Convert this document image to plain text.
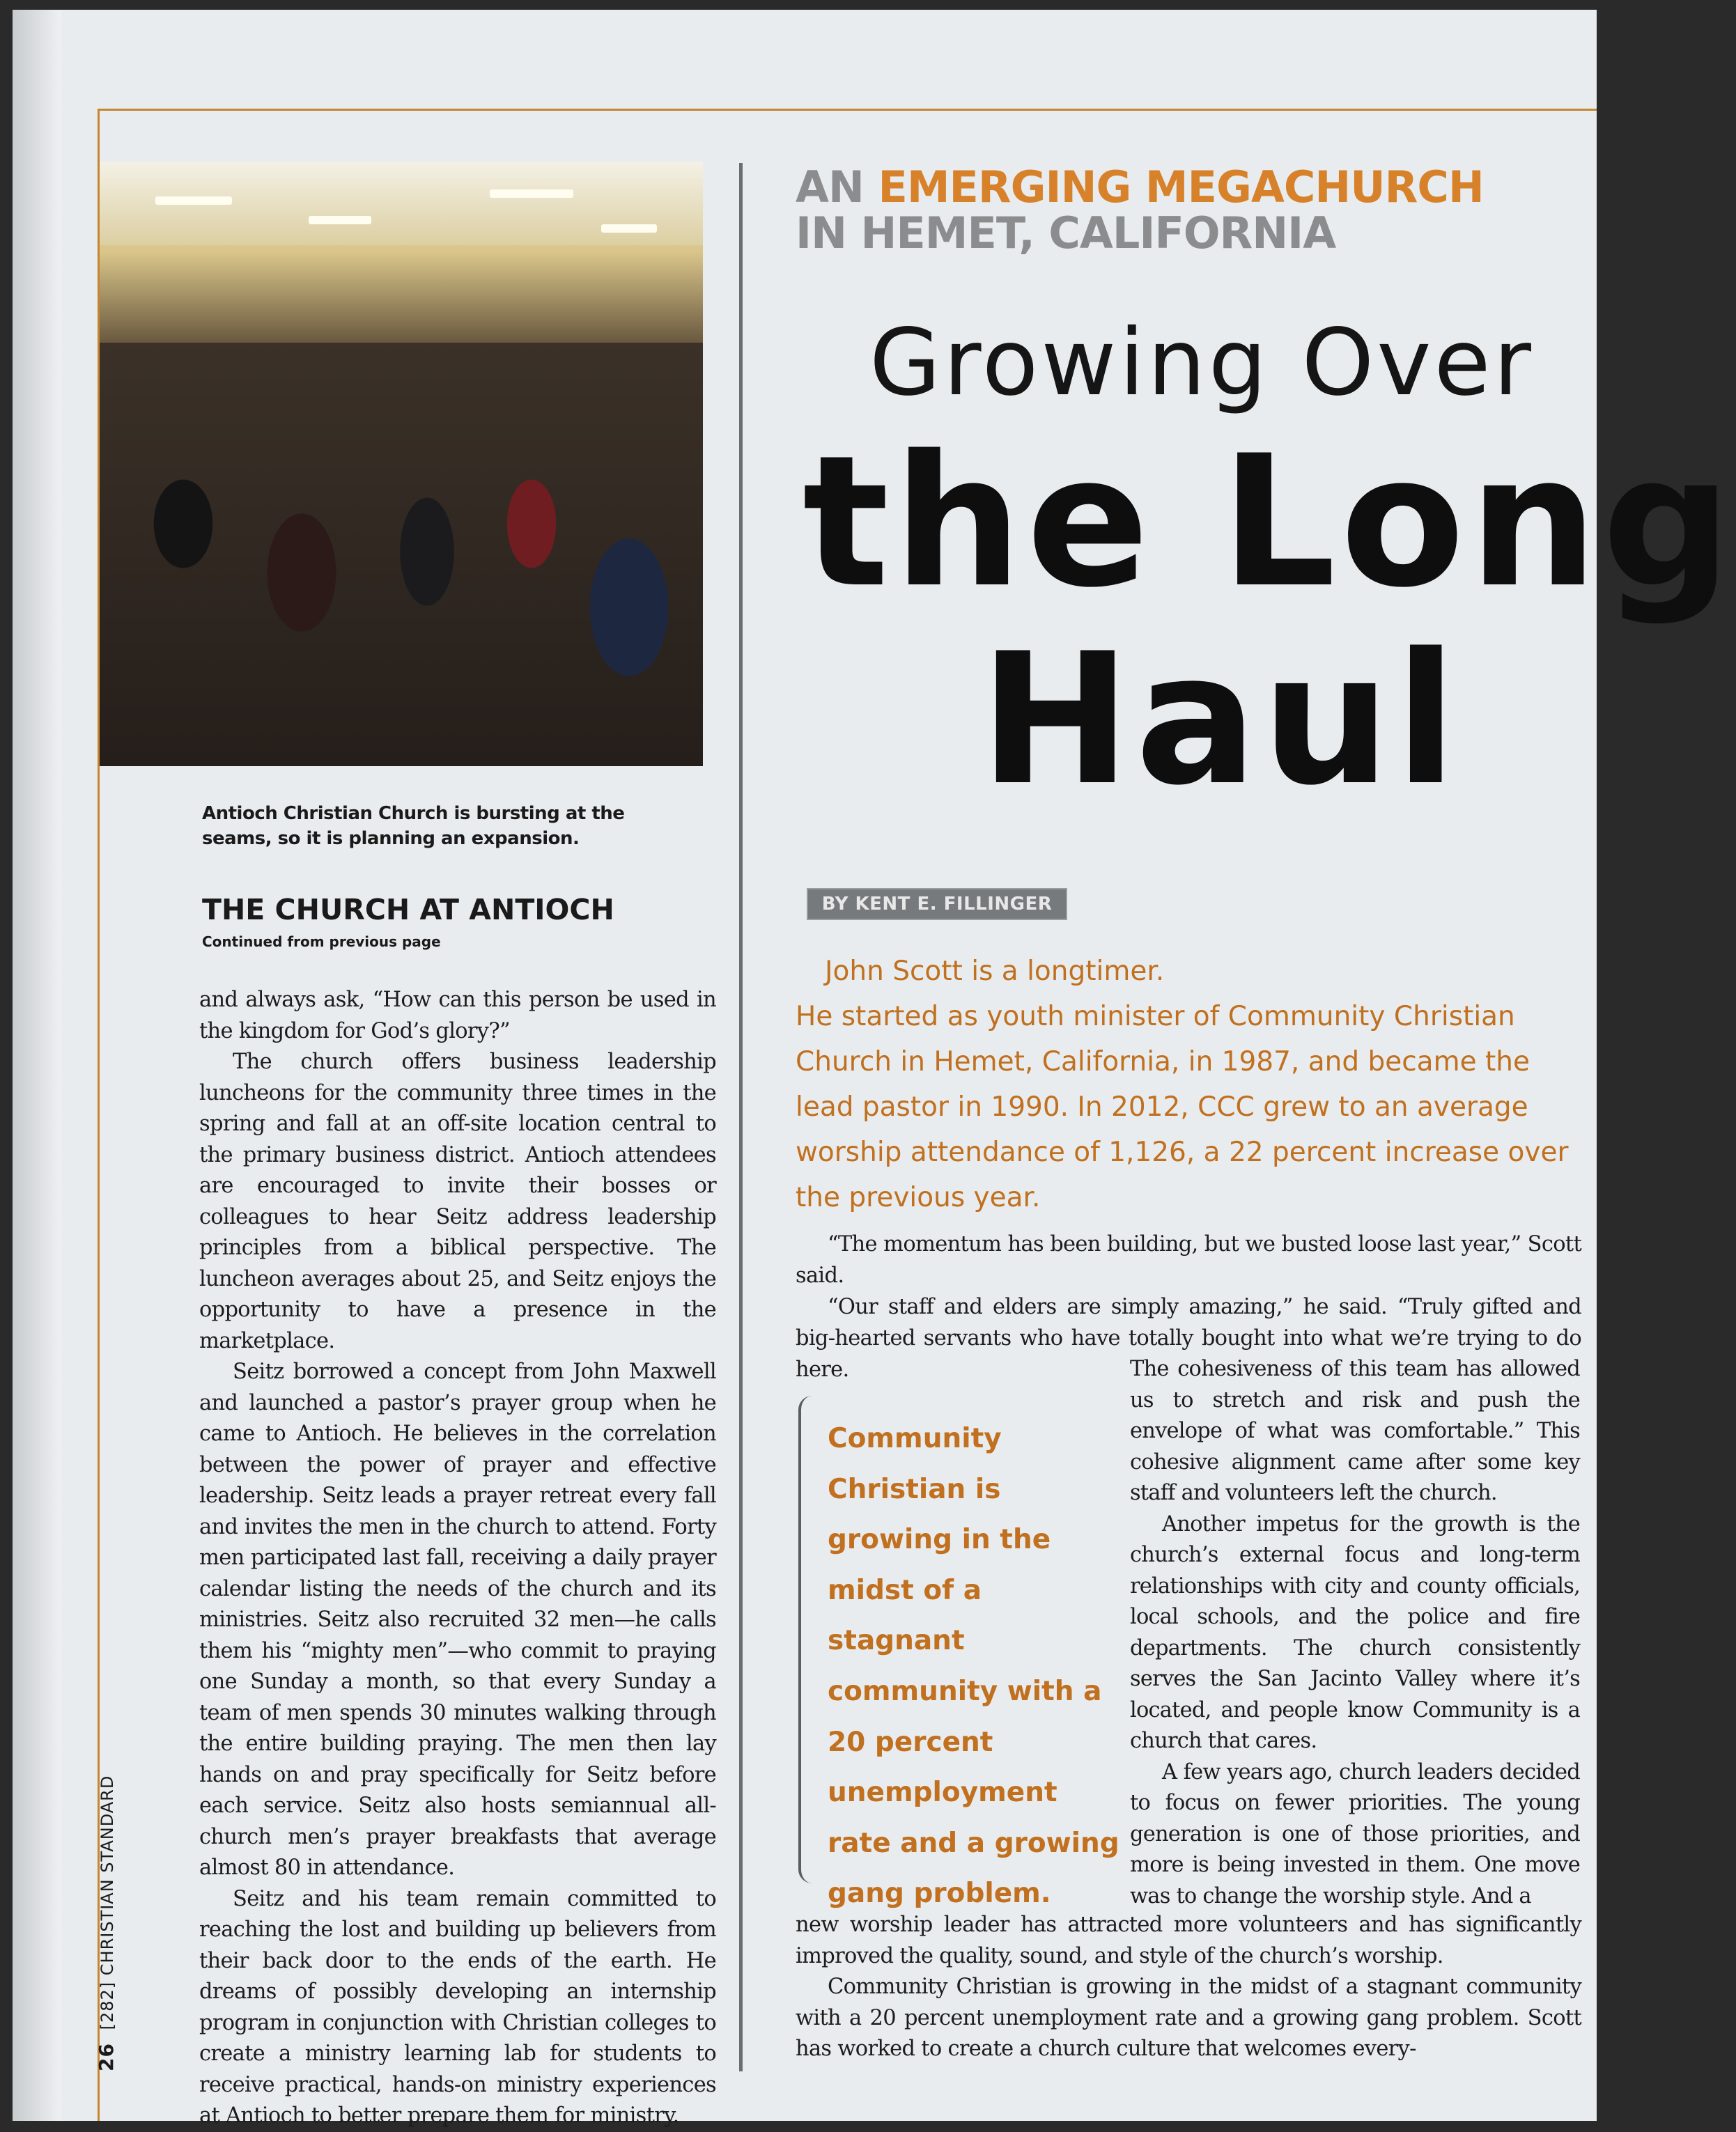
Antioch Christian Church is bursting at the seams, so it is planning an expansion.
THE CHURCH AT ANTIOCH
Continued from previous page

and always ask, “How can this person be used in the kingdom for God’s glory?”

The church offers business leadership luncheons for the community three times in the spring and fall at an off-site location central to the primary business district. Antioch attendees are encouraged to invite their bosses or colleagues to hear Seitz address leadership principles from a biblical perspective. The luncheon averages about 25, and Seitz enjoys the opportunity to have a presence in the marketplace.

Seitz borrowed a concept from John Maxwell and launched a pastor’s prayer group when he came to Antioch. He believes in the correlation between the power of prayer and effective leadership. Seitz leads a prayer retreat every fall and invites the men in the church to attend. Forty men participated last fall, receiving a daily prayer calendar listing the needs of the church and its ministries. Seitz also recruited 32 men—he calls them his “mighty men”—who commit to praying one Sunday a month, so that every Sunday a team of men spends 30 minutes walking through the entire building praying. The men then lay hands on and pray specifically for Seitz before each service. Seitz also hosts semiannual all-church men’s prayer breakfasts that average almost 80 in attendance.

Seitz and his team remain committed to reaching the lost and building up believers from their back door to the ends of the earth. He dreams of possibly developing an internship program in conjunction with Christian colleges to create a ministry learning lab for students to receive practical, hands-on ministry experiences at Antioch to better prepare them for ministry.

26 [282] CHRISTIAN STANDARD
AN EMERGING MEGACHURCH
IN HEMET, CALIFORNIA
Growing Over
the Long
Haul
BY KENT E. FILLINGER

John Scott is a longtimer.

He started as youth minister of Community Christian Church in Hemet, California, in 1987, and became the lead pastor in 1990. In 2012, CCC grew to an average worship attendance of 1,126, a 22 percent increase over the previous year.

“The momentum has been building, but we busted loose last year,” Scott said.

“Our staff and elders are simply amazing,” he said. “Truly gifted and big-hearted servants who have totally bought into what we’re trying to do here.

Community Christian is growing in the midst of a stagnant community with a 20 percent unemployment rate and a growing gang problem.

The cohesiveness of this team has allowed us to stretch and risk and push the envelope of what was comfortable.” This cohesive alignment came after some key staff and volunteers left the church.

Another impetus for the growth is the church’s external focus and long-term relationships with city and county officials, local schools, and the police and fire departments. The church consistently serves the San Jacinto Valley where it’s located, and people know Community is a church that cares.

A few years ago, church leaders decided to focus on fewer priorities. The young generation is one of those priorities, and more is being invested in them. One move was to change the worship style. And a

new worship leader has attracted more volunteers and has significantly improved the quality, sound, and style of the church’s worship.

Community Christian is growing in the midst of a stagnant community with a 20 percent unemployment rate and a growing gang problem. Scott has worked to create a church culture that welcomes every-
